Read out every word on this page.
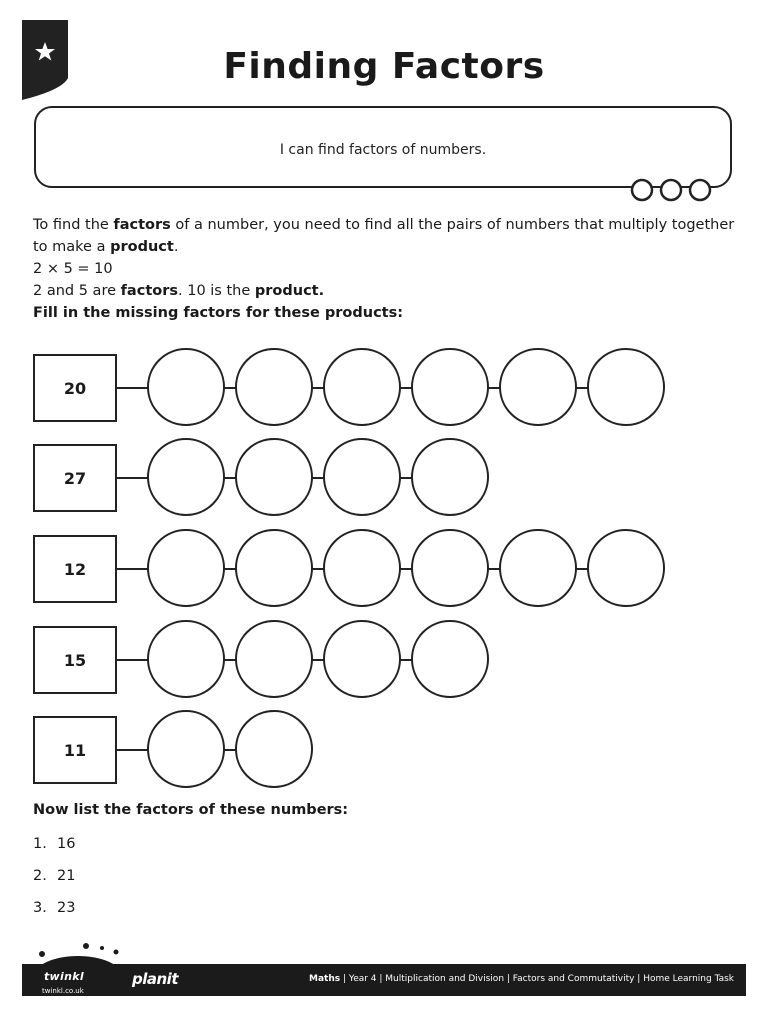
Finding Factors
I can find factors of numbers.

To find the factors of a number, you need to find all the pairs of numbers that multiply together

to make a product.

2 × 5 = 10

2 and 5 are factors. 10 is the product.

Fill in the missing factors for these products:

20
27
12
15
11
Now list the factors of these numbers:
1. 16
2. 21
3. 23
twinkl
twinkl.co.uk
planit	Maths | Year 4 | Multiplication and Division | Factors and Commutativity | Home Learning Task
